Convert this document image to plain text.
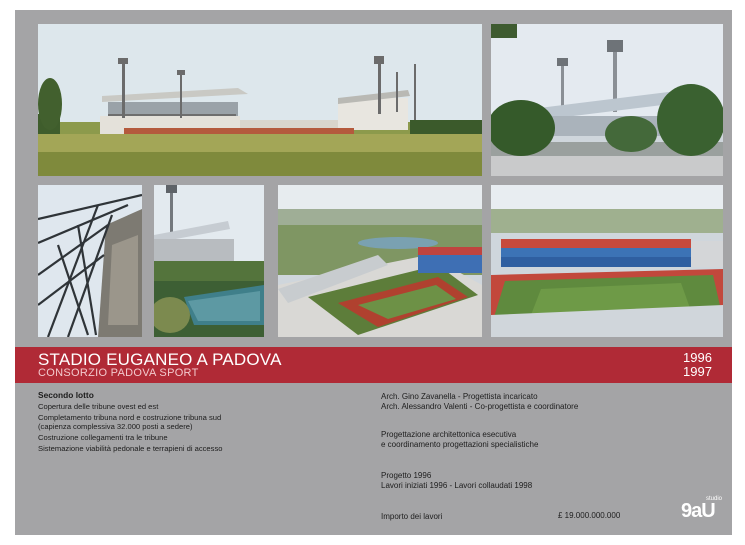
STADIO EUGANEO A PADOVA
CONSORZIO PADOVA SPORT
1996
1997
Secondo lotto
Copertura delle tribune ovest ed est
Completamento tribuna nord e costruzione tribuna sud
(capienza complessiva 32.000 posti a sedere)
Costruzione collegamenti tra le tribune
Sistemazione viabilità pedonale e terrapieni di accesso
Arch. Gino Zavanella - Progettista incaricato
Arch. Alessandro Valenti - Co-progettista e coordinatore
Progettazione architettonica esecutiva
e coordinamento progettazioni specialistiche
Progetto 1996
Lavori iniziati 1996 - Lavori collaudati 1998
Importo dei lavori	£ 19.000.000.000	9aU
studio
